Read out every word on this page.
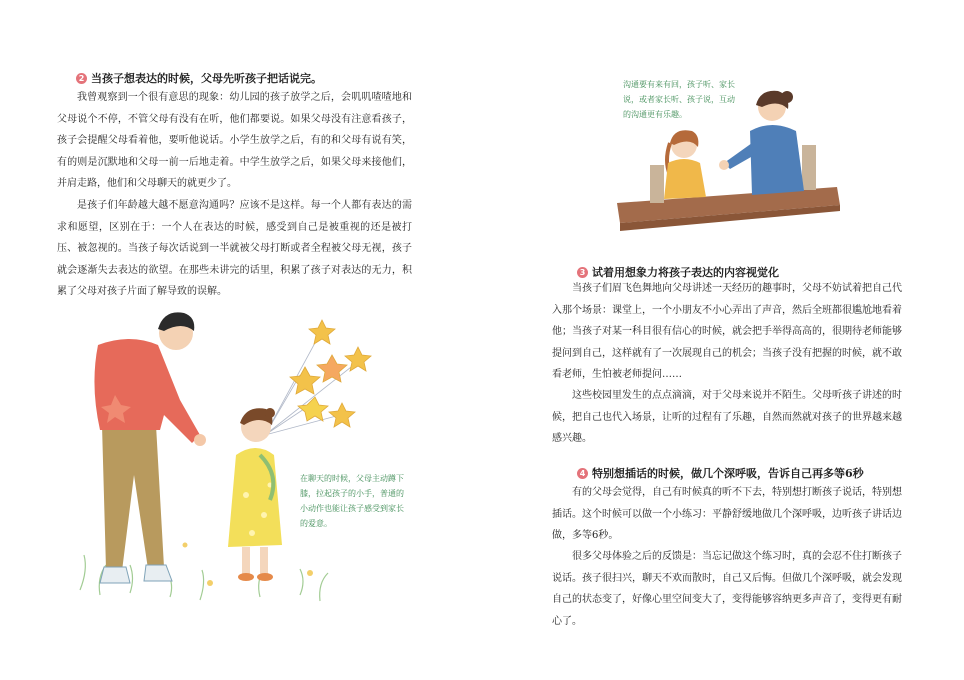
2 当孩子想表达的时候，父母先听孩子把话说完。

我曾观察到一个很有意思的现象：幼儿园的孩子放学之后，会叽叽喳喳地和父母说个不停，不管父母有没有在听，他们都要说。如果父母没有注意看孩子，孩子会提醒父母看着他，要听他说话。小学生放学之后，有的和父母有说有笑，有的则是沉默地和父母一前一后地走着。中学生放学之后，如果父母来接他们，并肩走路，他们和父母聊天的就更少了。

是孩子们年龄越大越不愿意沟通吗？应该不是这样。每一个人都有表达的需求和愿望，区别在于：一个人在表达的时候，感受到自己是被重视的还是被打压、被忽视的。当孩子每次话说到一半就被父母打断或者全程被父母无视，孩子就会逐渐失去表达的欲望。在那些未讲完的话里，积累了孩子对表达的无力，积累了父母对孩子片面了解导致的误解。

在聊天的时候，父母主动蹲下膝，拉起孩子的小手，普通的小动作也能让孩子感受到家长的爱意。

沟通要有来有回，孩子听、家长说，或者家长听、孩子说，互动的沟通更有乐趣。

3 试着用想象力将孩子表达的内容视觉化

当孩子们眉飞色舞地向父母讲述一天经历的趣事时，父母不妨试着把自己代入那个场景：课堂上，一个小朋友不小心弄出了声音，然后全班都很尴尬地看着他；当孩子对某一科目很有信心的时候，就会把手举得高高的，很期待老师能够提问到自己，这样就有了一次展现自己的机会；当孩子没有把握的时候，就不敢看老师，生怕被老师提问……

这些校园里发生的点点滴滴，对于父母来说并不陌生。父母听孩子讲述的时候，把自己也代入场景，让听的过程有了乐趣，自然而然就对孩子的世界越来越感兴趣。

4 特别想插话的时候，做几个深呼吸，告诉自己再多等6秒

有的父母会觉得，自己有时候真的听不下去，特别想打断孩子说话，特别想插话。这个时候可以做一个小练习：平静舒缓地做几个深呼吸，边听孩子讲话边做，多等6秒。

很多父母体验之后的反馈是：当忘记做这个练习时，真的会忍不住打断孩子说话。孩子很扫兴，聊天不欢而散时，自己又后悔。但做几个深呼吸，就会发现自己的状态变了，好像心里空间变大了，变得能够容纳更多声音了，变得更有耐心了。
